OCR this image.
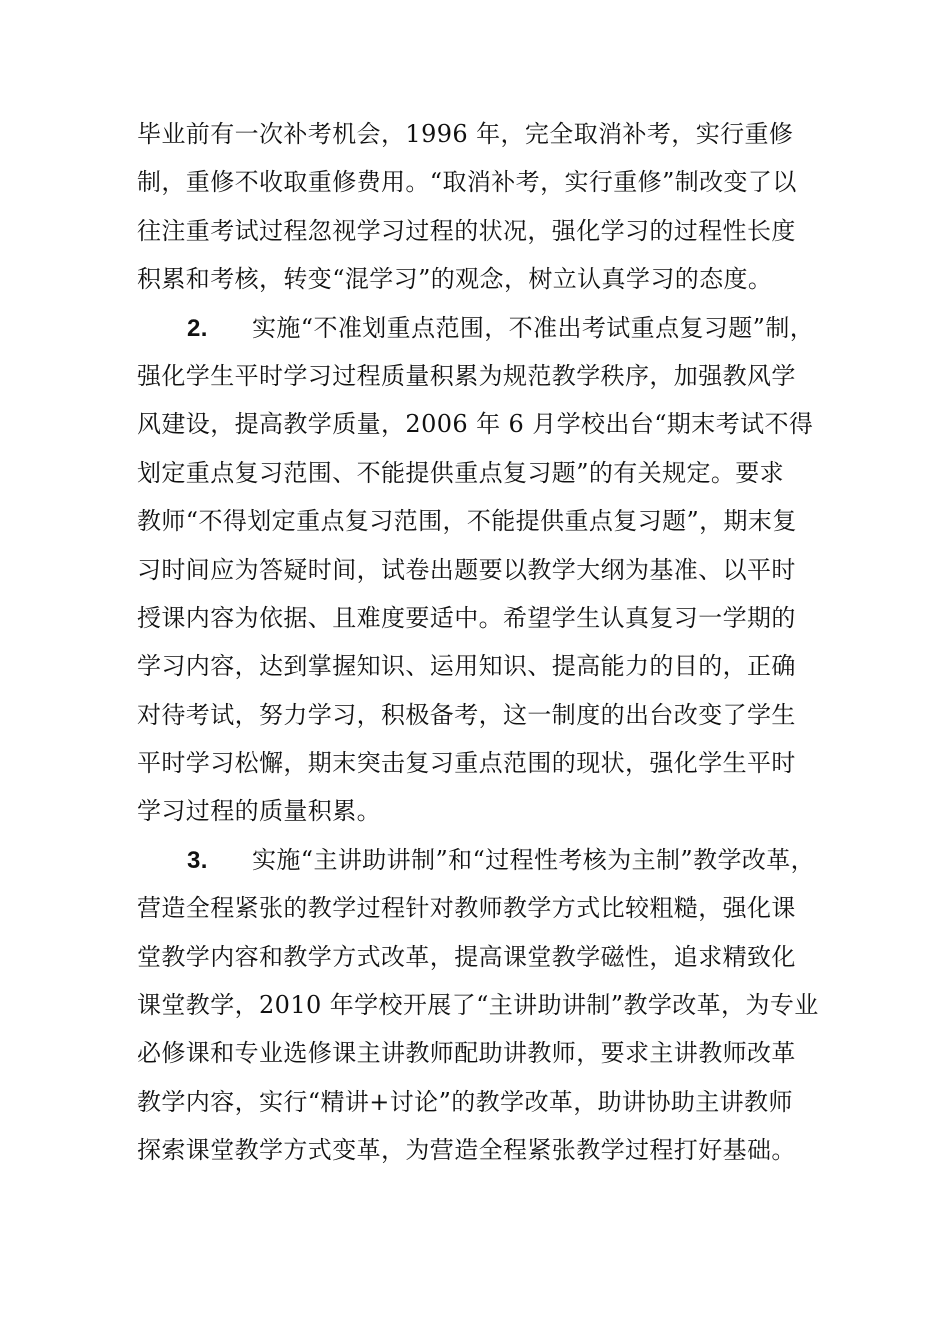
毕业前有一次补考机会，1996 年，完全取消补考，实行重修
制，重修不收取重修费用。“取消补考，实行重修”制改变了以
往注重考试过程忽视学习过程的状况，强化学习的过程性长度
积累和考核，转变“混学习”的观念，树立认真学习的态度。
2. 实施“不准划重点范围，不准出考试重点复习题”制，
强化学生平时学习过程质量积累为规范教学秩序，加强教风学
风建设，提高教学质量，2006 年 6 月学校出台“期末考试不得
划定重点复习范围、不能提供重点复习题”的有关规定。要求
教师“不得划定重点复习范围，不能提供重点复习题”，期末复
习时间应为答疑时间，试卷出题要以教学大纲为基准、以平时
授课内容为依据、且难度要适中。希望学生认真复习一学期的
学习内容，达到掌握知识、运用知识、提高能力的目的，正确
对待考试，努力学习，积极备考，这一制度的出台改变了学生
平时学习松懈，期末突击复习重点范围的现状，强化学生平时
学习过程的质量积累。
3. 实施“主讲助讲制”和“过程性考核为主制”教学改革，
营造全程紧张的教学过程针对教师教学方式比较粗糙，强化课
堂教学内容和教学方式改革，提高课堂教学磁性，追求精致化
课堂教学，2010 年学校开展了“主讲助讲制”教学改革，为专业
必修课和专业选修课主讲教师配助讲教师，要求主讲教师改革
教学内容，实行“精讲+讨论”的教学改革，助讲协助主讲教师
探索课堂教学方式变革，为营造全程紧张教学过程打好基础。
